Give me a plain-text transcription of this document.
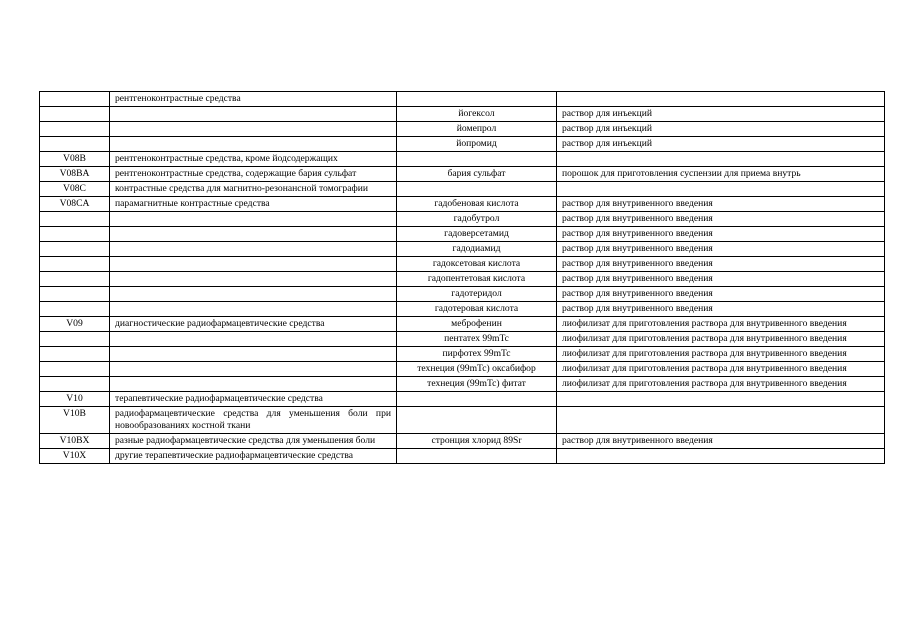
	рентгеноконтрастные средства		
		йогексол	раствор для инъекций
		йомепрол	раствор для инъекций
		йопромид	раствор для инъекций
V08B	рентгеноконтрастные средства, кроме йодсодержащих		
V08BA	рентгеноконтрастные средства, содержащие бария сульфат	бария сульфат	порошок для приготовления суспензии для приема внутрь
V08C	контрастные средства для магнитно-резонансной томографии		
V08CA	парамагнитные контрастные средства	гадобеновая кислота	раствор для внутривенного введения
		гадобутрол	раствор для внутривенного введения
		гадоверсетамид	раствор для внутривенного введения
		гадодиамид	раствор для внутривенного введения
		гадоксетовая кислота	раствор для внутривенного введения
		гадопентетовая кислота	раствор для внутривенного введения
		гадотеридол	раствор для внутривенного введения
		гадотеровая кислота	раствор для внутривенного введения
V09	диагностические радиофармацевтические средства	меброфенин	лиофилизат для приготовления раствора для внутривенного введения
		пентатех 99mTc	лиофилизат для приготовления раствора для внутривенного введения
		пирфотех 99mTc	лиофилизат для приготовления раствора для внутривенного введения
		технеция (99mTc) оксабифор	лиофилизат для приготовления раствора для внутривенного введения
		технеция (99mTc) фитат	лиофилизат для приготовления раствора для внутривенного введения
V10	терапевтические радиофармацевтические средства		
V10B	радиофармацевтические средства для уменьшения боли при новообразованиях костной ткани		
V10BX	разные радиофармацевтические средства для уменьшения боли	стронция хлорид 89Sr	раствор для внутривенного введения
V10X	другие терапевтические радиофармацевтические средства		
